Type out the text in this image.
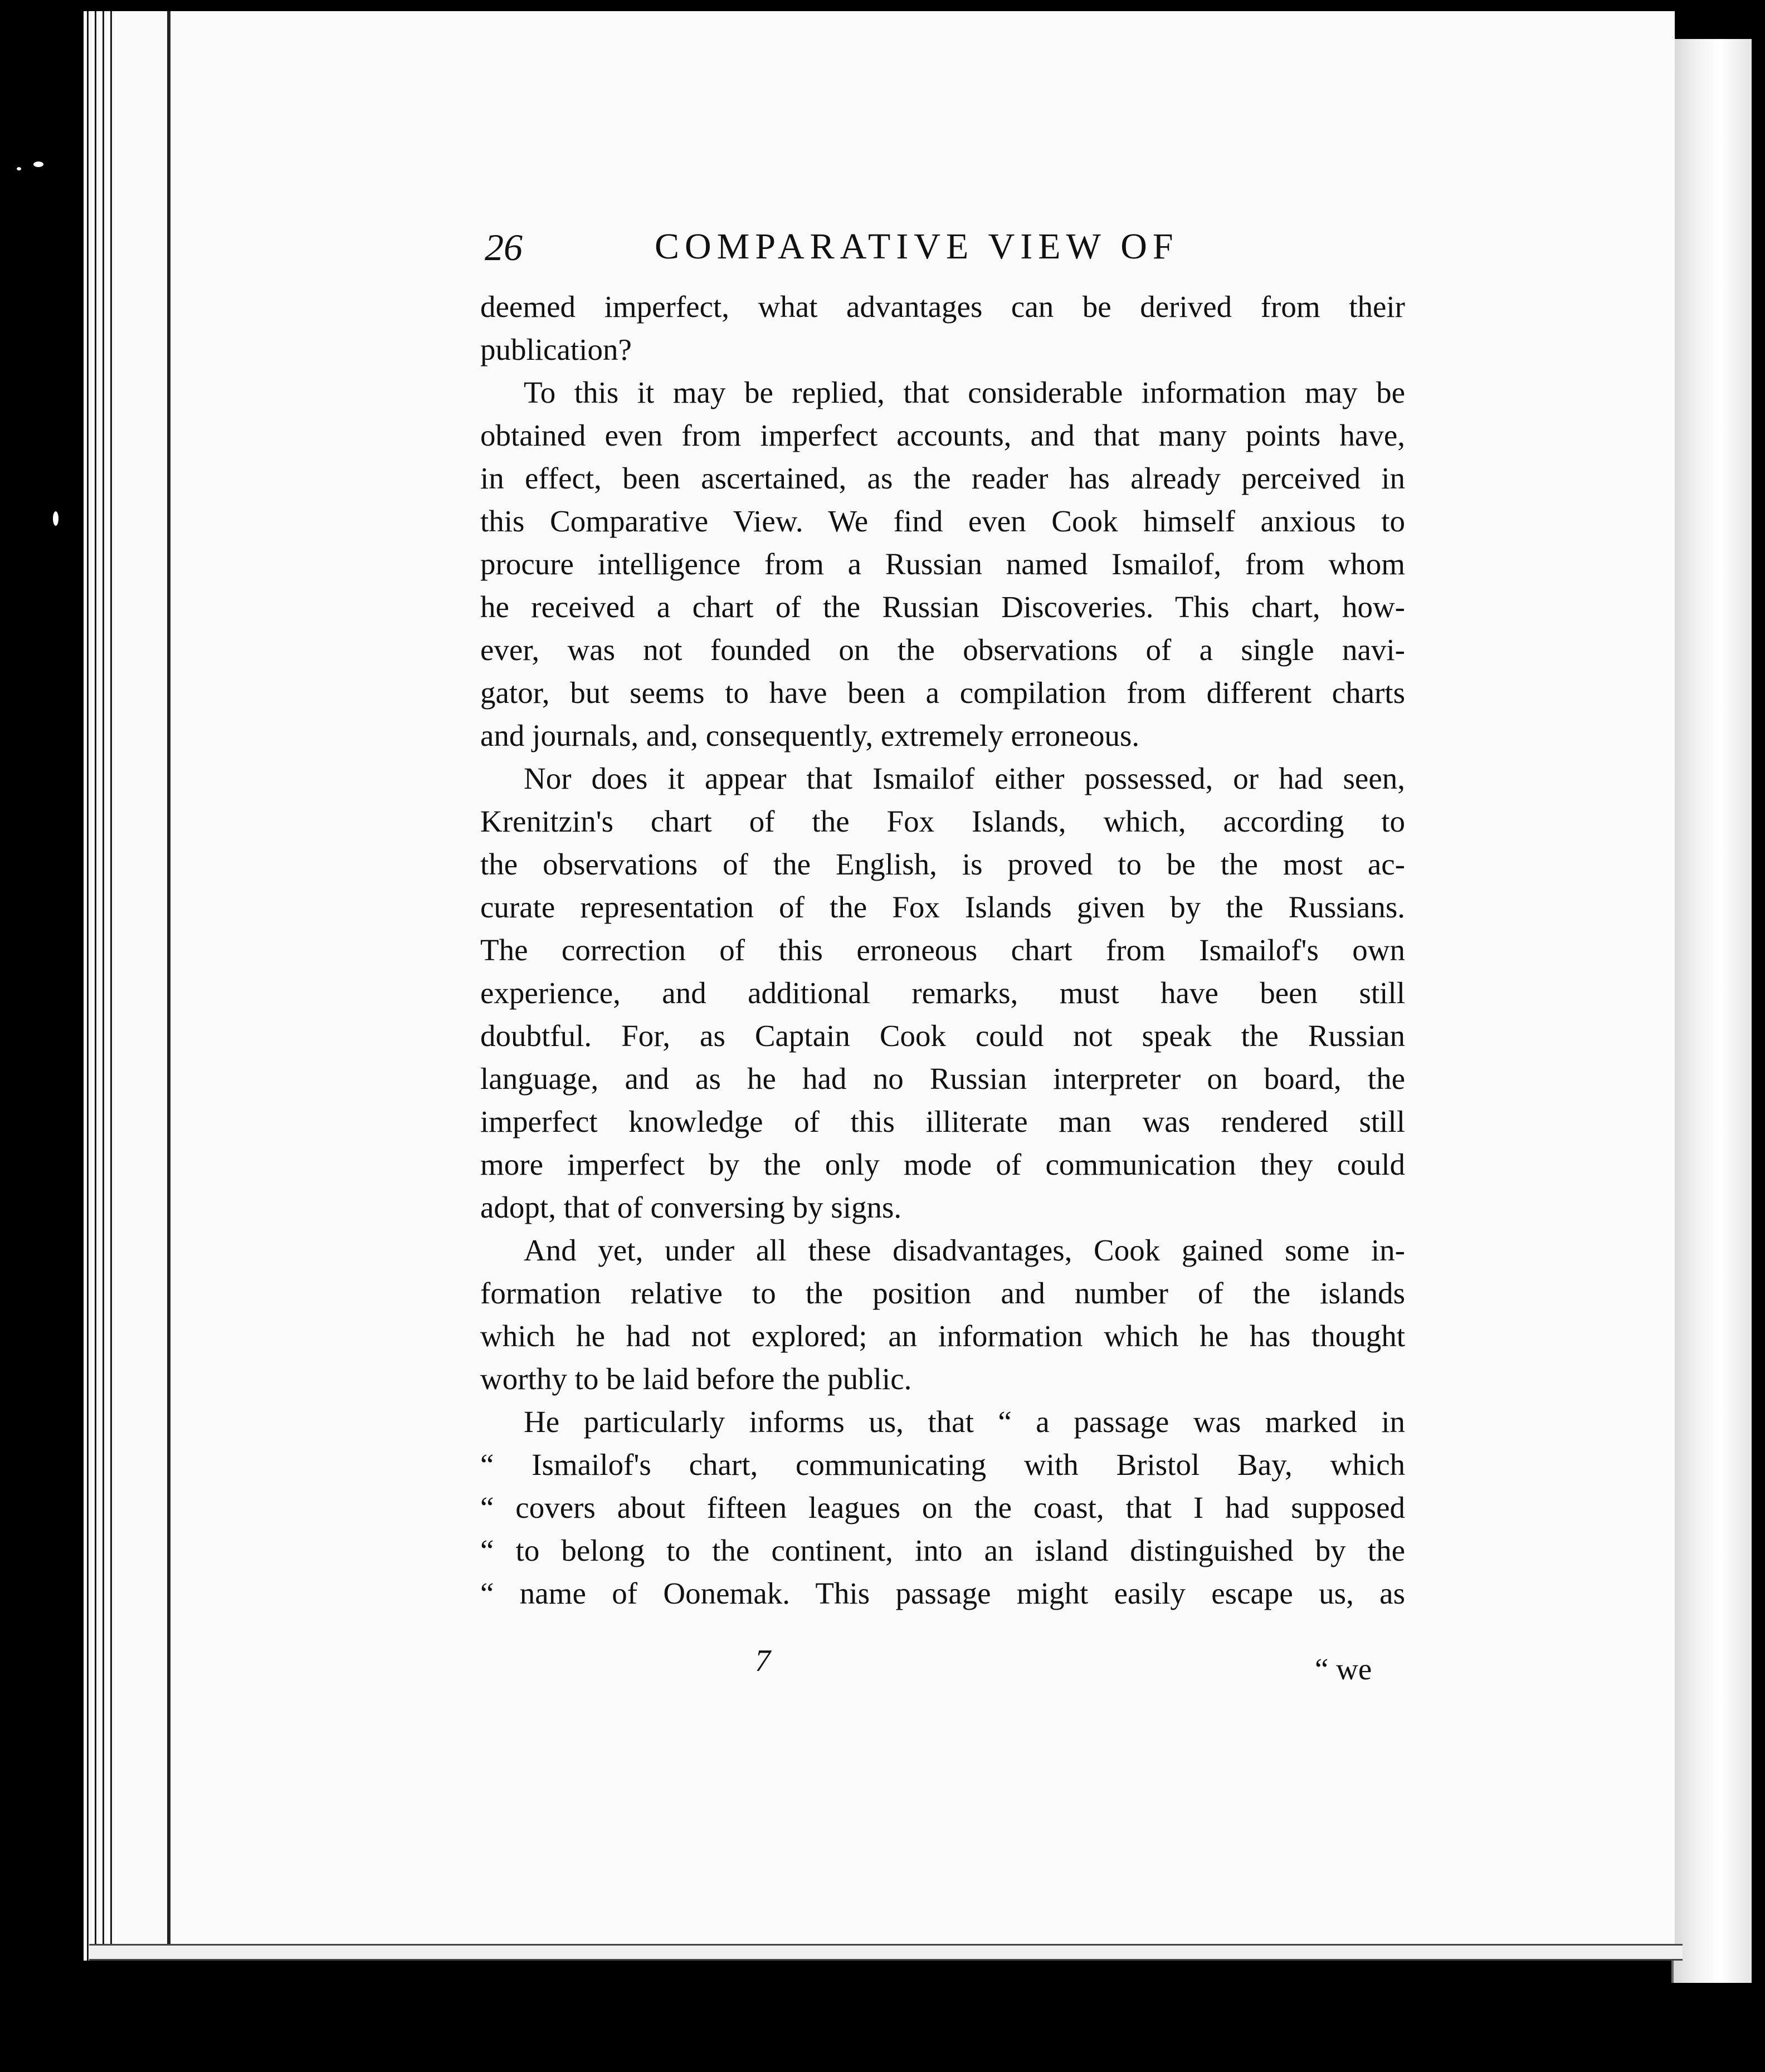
26	COMPARATIVE VIEW OF
deemed imperfect, what advantages can be derived from their
publication?
To this it may be replied, that considerable information may be
obtained even from imperfect accounts, and that many points have,
in effect, been ascertained, as the reader has already perceived in
this Comparative View. We find even Cook himself anxious to
procure intelligence from a Russian named Ismailof, from whom
he received a chart of the Russian Discoveries. This chart, how-
ever, was not founded on the observations of a single navi-
gator, but seems to have been a compilation from different charts
and journals, and, consequently, extremely erroneous.
Nor does it appear that Ismailof either possessed, or had seen,
Krenitzin's chart of the Fox Islands, which, according to
the observations of the English, is proved to be the most ac-
curate representation of the Fox Islands given by the Russians.
The correction of this erroneous chart from Ismailof's own
experience, and additional remarks, must have been still
doubtful. For, as Captain Cook could not speak the Russian
language, and as he had no Russian interpreter on board, the
imperfect knowledge of this illiterate man was rendered still
more imperfect by the only mode of communication they could
adopt, that of conversing by signs.
And yet, under all these disadvantages, Cook gained some in-
formation relative to the position and number of the islands
which he had not explored; an information which he has thought
worthy to be laid before the public.
He particularly informs us, that “ a passage was marked in
“ Ismailof's chart, communicating with Bristol Bay, which
“ covers about fifteen leagues on the coast, that I had supposed
“ to belong to the continent, into an island distinguished by the
“ name of Oonemak. This passage might easily escape us, as
7	“ we
